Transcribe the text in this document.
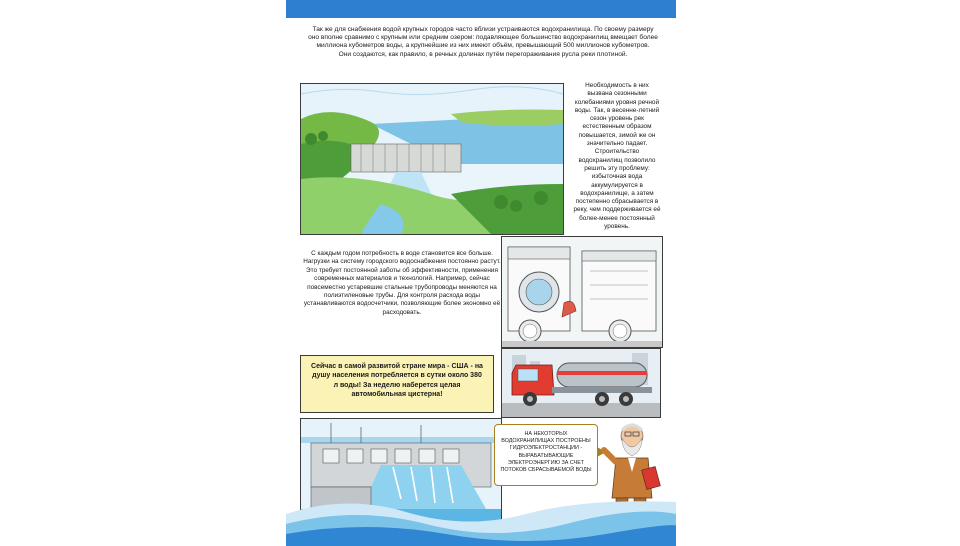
Так же для снабжения водой крупных городов часто вблизи устраиваются водохранилища. По своему размеру оно вполне сравнимо с крупным или средним озером: подавляющее большинство водохранилищ вмещает более миллиона кубометров воды, а крупнейшие из них имеют объём, превышающий 500 миллионов кубометров.

Они создаются, как правило, в речных долинах путём перегораживания русла реки плотиной.

Необходимость в них вызвана сезонными колебаниями уровня речной воды. Так, в весенне-летний сезон уровень рек естественным образом повышается, зимой же он значительно падает. Строительство водохранилищ позволило решить эту проблему: избыточная вода аккумулируется в водохранилище, а затем постепенно сбрасывается в реку, чем поддерживается её более-менее постоянный уровень.
С каждым годом потребность в воде становится все больше. Нагрузки на систему городского водоснабжения постоянно растут. Это требует постоянной заботы об эффективности, применения современных материалов и технологий. Например, сейчас повсеместно устаревшие стальные трубопроводы меняются на полиэтиленовые трубы. Для контроля расхода воды устанавливаются водосчетчики, позволяющие более экономно её расходовать.
Сейчас в самой развитой стране мира - США - на душу населения потребляется в сутки около 380 л воды! За неделю наберется целая автомобильная цистерна!
НА НЕКОТОРЫХ ВОДОХРАНИЛИЩАХ ПОСТРОЕНЫ ГИДРОЭЛЕКТРОСТАНЦИИ - ВЫРАБАТЫВАЮЩИЕ ЭЛЕКТРОЭНЕРГИЮ ЗА СЧЕТ ПОТОКОВ СБРАСЫВАЕМОЙ ВОДЫ
